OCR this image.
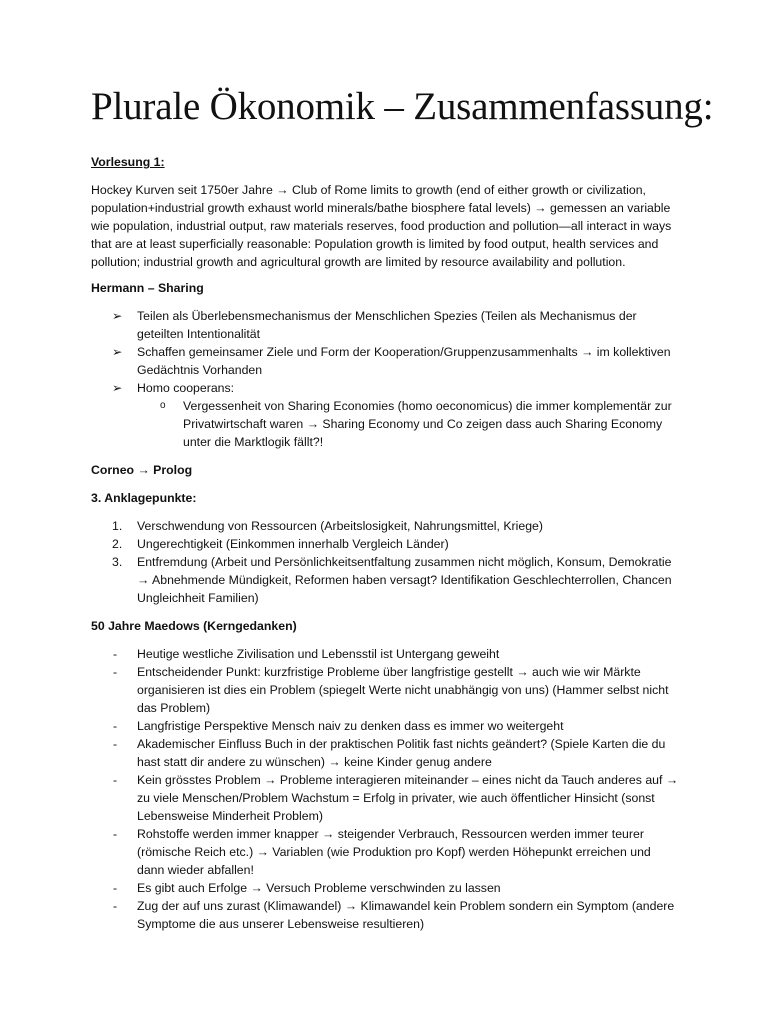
Plurale Ökonomik – Zusammenfassung:

Vorlesung 1:

Hockey Kurven seit 1750er Jahre → Club of Rome limits to growth (end of either growth or civilization, population+industrial growth exhaust world minerals/bathe biosphere fatal levels) → gemessen an variable wie population, industrial output, raw materials reserves, food production and pollution—all interact in ways that are at least superficially reasonable: Population growth is limited by food output, health services and pollution; industrial growth and agricultural growth are limited by resource availability and pollution.

Hermann – Sharing

➢ Teilen als Überlebensmechanismus der Menschlichen Spezies (Teilen als Mechanismus der geteilten Intentionalität
➢ Schaffen gemeinsamer Ziele und Form der Kooperation/Gruppenzusammenhalts → im kollektiven Gedächtnis Vorhanden
➢ Homo cooperans:
o Vergessenheit von Sharing Economies (homo oeconomicus) die immer komplementär zur Privatwirtschaft waren → Sharing Economy und Co zeigen dass auch Sharing Economy unter die Marktlogik fällt?!

Corneo → Prolog

3. Anklagepunkte:

1. Verschwendung von Ressourcen (Arbeitslosigkeit, Nahrungsmittel, Kriege)
2. Ungerechtigkeit (Einkommen innerhalb Vergleich Länder)
3. Entfremdung (Arbeit und Persönlichkeitsentfaltung zusammen nicht möglich, Konsum, Demokratie → Abnehmende Mündigkeit, Reformen haben versagt? Identifikation Geschlechterrollen, Chancen Ungleichheit Familien)

50 Jahre Maedows (Kerngedanken)

- Heutige westliche Zivilisation und Lebensstil ist Untergang geweiht
- Entscheidender Punkt: kurzfristige Probleme über langfristige gestellt → auch wie wir Märkte organisieren ist dies ein Problem (spiegelt Werte nicht unabhängig von uns) (Hammer selbst nicht das Problem)
- Langfristige Perspektive Mensch naiv zu denken dass es immer wo weitergeht
- Akademischer Einfluss Buch in der praktischen Politik fast nichts geändert? (Spiele Karten die du hast statt dir andere zu wünschen) → keine Kinder genug andere
- Kein grösstes Problem → Probleme interagieren miteinander – eines nicht da Tauch anderes auf → zu viele Menschen/Problem Wachstum = Erfolg in privater, wie auch öffentlicher Hinsicht (sonst Lebensweise Minderheit Problem)
- Rohstoffe werden immer knapper → steigender Verbrauch, Ressourcen werden immer teurer (römische Reich etc.) → Variablen (wie Produktion pro Kopf) werden Höhepunkt erreichen und dann wieder abfallen!
- Es gibt auch Erfolge → Versuch Probleme verschwinden zu lassen
- Zug der auf uns zurast (Klimawandel) → Klimawandel kein Problem sondern ein Symptom (andere Symptome die aus unserer Lebensweise resultieren)
